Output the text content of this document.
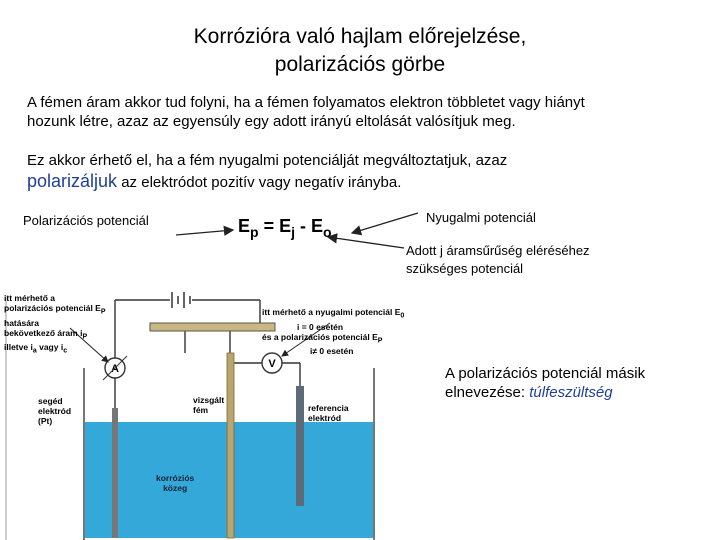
Korrózióra való hajlam előrejelzése,
polarizációs görbe
A fémen áram akkor tud folyni, ha a fémen folyamatos elektron többletet vagy hiányt
hozunk létre, azaz az egyensúly egy adott irányú eltolását valósítjuk meg.
Ez akkor érhető el, ha a fém nyugalmi potenciálját megváltoztatjuk, azaz
polarizáljuk az elektródot pozitív vagy negatív irányba.
Polarizációs potenciál	$E_p = E_j - E_o$
Nyugalmi potenciál
Adott j áramsűrűség eléréséhez
szükséges potenciál
A	V
itt mérhető a
polarizációs potenciál $E_P$
hatására
bekövetkező áram $i_P$
illetve $i_a$ vagy $i_c$
itt mérhető a nyugalmi potenciál $E_0$
i = 0 esetén
és a polarizációs potenciál $E_P$
i≠ 0 esetén
segéd
elektród
(Pt)
vizsgált
fém	referencia
elektród
korróziós
közeg
A polarizációs potenciál másik
elnevezése: túlfeszültség
